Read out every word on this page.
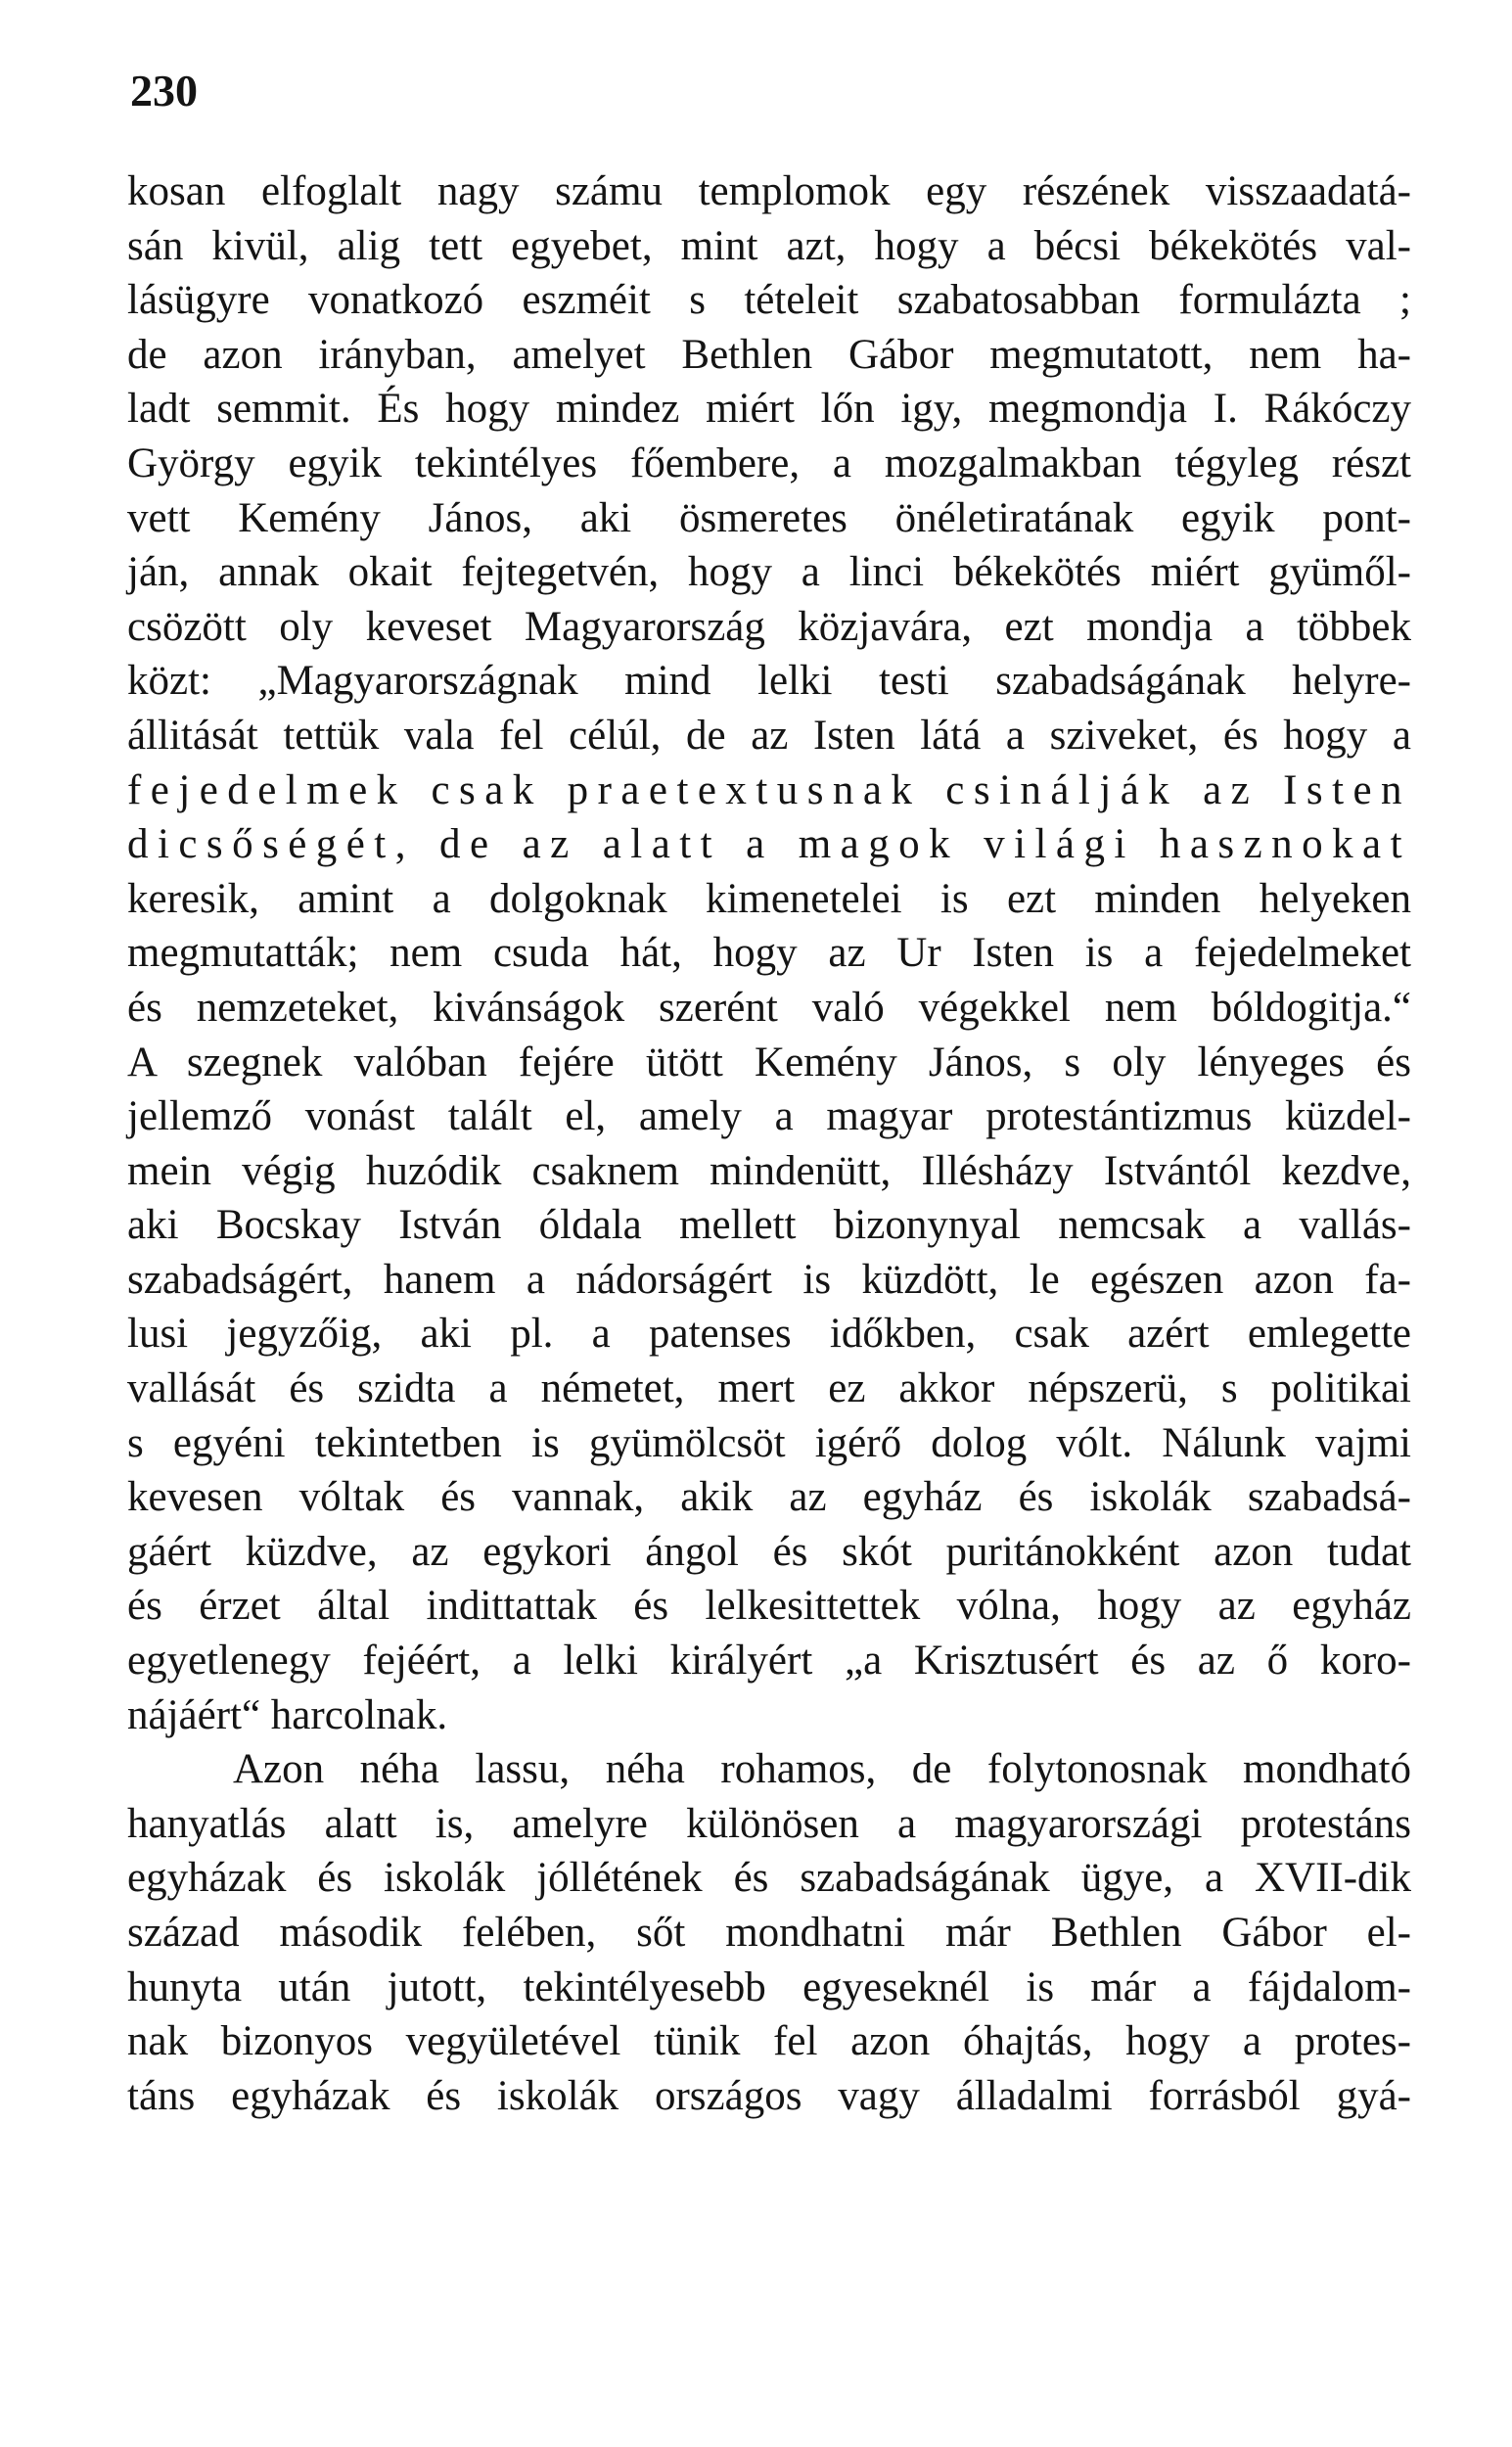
230
kosan elfoglalt nagy számu templomok egy részének visszaadatá-
sán kivül, alig tett egyebet, mint azt, hogy a bécsi békekötés val-
lásügyre vonatkozó eszméit s tételeit szabatosabban formulázta ;
de azon irányban, amelyet Bethlen Gábor megmutatott, nem ha-
ladt semmit. És hogy mindez miért lőn igy, megmondja I. Rákóczy
György egyik tekintélyes főembere, a mozgalmakban tégyleg részt
vett Kemény János, aki ösmeretes önéletiratának egyik pont-
ján, annak okait fejtegetvén, hogy a linci békekötés miért gyümől-
csözött oly keveset Magyarország közjavára, ezt mondja a többek
közt: „Magyarországnak mind lelki testi szabadságának helyre-
állitását tettük vala fel célúl, de az Isten látá a sziveket, és hogy a
fejedelmek csak praetextusnak csinálják az Isten
dicsőségét, de az alatt a magok világi hasznokat
keresik, amint a dolgoknak kimenetelei is ezt minden helyeken
megmutatták; nem csuda hát, hogy az Ur Isten is a fejedelmeket
és nemzeteket, kivánságok szerént való végekkel nem bóldogitja.“
A szegnek valóban fejére ütött Kemény János, s oly lényeges és
jellemző vonást talált el, amely a magyar protestántizmus küzdel-
mein végig huzódik csaknem mindenütt, Illésházy Istvántól kezdve,
aki Bocskay István óldala mellett bizonynyal nemcsak a vallás-
szabadságért, hanem a nádorságért is küzdött, le egészen azon fa-
lusi jegyzőig, aki pl. a patenses időkben, csak azért emlegette
vallását és szidta a németet, mert ez akkor népszerü, s politikai
s egyéni tekintetben is gyümölcsöt igérő dolog vólt. Nálunk vajmi
kevesen vóltak és vannak, akik az egyház és iskolák szabadsá-
gáért küzdve, az egykori ángol és skót puritánokként azon tudat
és érzet által indittattak és lelkesittettek vólna, hogy az egyház
egyetlenegy fejéért, a lelki királyért „a Krisztusért és az ő koro-
nájáért“ harcolnak.
Azon néha lassu, néha rohamos, de folytonosnak mondható
hanyatlás alatt is, amelyre különösen a magyarországi protestáns
egyházak és iskolák jóllétének és szabadságának ügye, a XVII-dik
század második felében, sőt mondhatni már Bethlen Gábor el-
hunyta után jutott, tekintélyesebb egyeseknél is már a fájdalom-
nak bizonyos vegyületével tünik fel azon óhajtás, hogy a protes-
táns egyházak és iskolák országos vagy álladalmi forrásból gyá-
